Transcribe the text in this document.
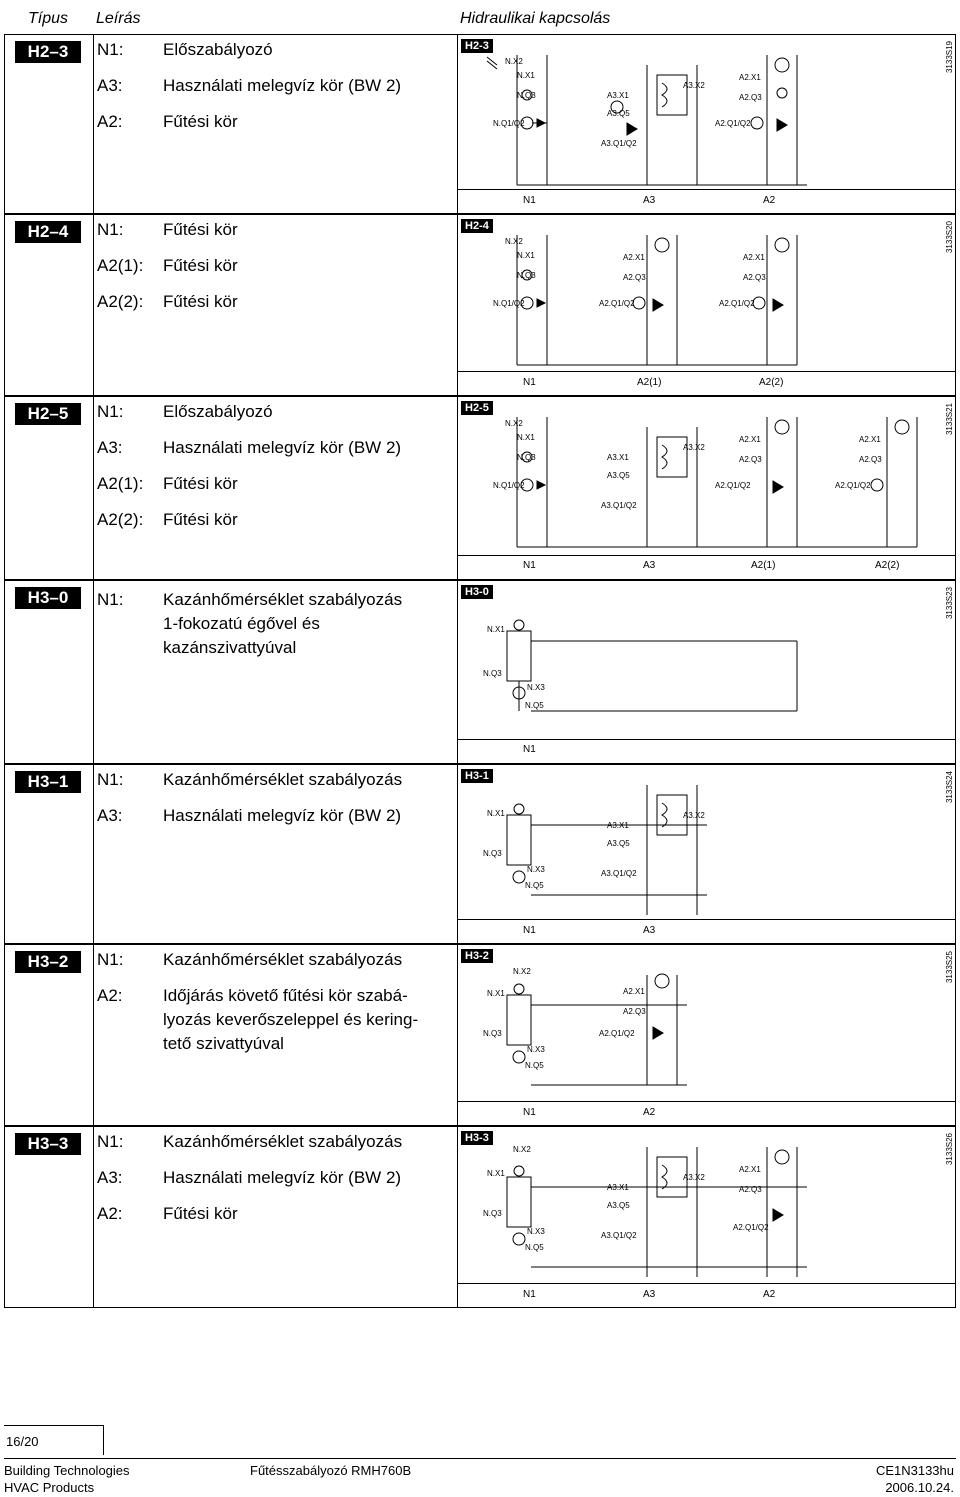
Típus Leírás	Hidraulikai kapcsolás
H2–3	N1: Előszabályozó
A3: Használati melegvíz kör (BW 2)
A2: Fűtési kör
H2-3	3133S19
N.X2
N.X1
N.Q3
N.Q1/Q2
A3.X1
A3.Q5
A3.Q1/Q2
A3.X2
A2.X1
A2.Q3
A2.Q1/Q2
N1	A3	A2
H2–4	N1: Fűtési kör
A2(1): Fűtési kör
A2(2): Fűtési kör
H2-4	3133S20
N.X2
N.X1
N.Q3
N.Q1/Q2
A2.X1
A2.Q3
A2.Q1/Q2
A2.X1
A2.Q3
A2.Q1/Q2
N1	A2(1)	A2(2)
H2–5	N1: Előszabályozó
A3: Használati melegvíz kör (BW 2)
A2(1): Fűtési kör
A2(2): Fűtési kör
H2-5	3133S21
N.X2
N.X1
N.Q3
N.Q1/Q2
A3.X1
A3.Q5
A3.Q1/Q2
A3.X2
A2.X1
A2.Q3
A2.Q1/Q2
A2.X1
A2.Q3
A2.Q1/Q2
N1	A3	A2(1)	A2(2)
H3–0	N1: Kazánhőmérséklet szabályozás
1-fokozatú égővel és
kazánszivattyúval
H3-0	3133S23
N.X1
N.Q3
N.X3
N.Q5
N1
H3–1	N1: Kazánhőmérséklet szabályozás
A3: Használati melegvíz kör (BW 2)
H3-1	3133S24
N.X1
N.Q3
N.X3
N.Q5
A3.X1
A3.Q5
A3.Q1/Q2
A3.X2
N1	A3
H3–2	N1: Kazánhőmérséklet szabályozás
A2: Időjárás követő fűtési kör szabá-
lyozás keverőszeleppel és kering-
tető szivattyúval
H3-2	3133S25
N.X2
N.X1
N.Q3
N.X3
N.Q5
A2.X1
A2.Q3
A2.Q1/Q2
N1	A2
H3–3	N1: Kazánhőmérséklet szabályozás
A3: Használati melegvíz kör (BW 2)
A2: Fűtési kör
H3-3	3133S26
N.X2
N.X1
N.Q3
N.X3
N.Q5
A3.X1
A3.Q5
A3.Q1/Q2
A3.X2
A2.X1
A2.Q3
A2.Q1/Q2
N1	A3	A2
16/20
Building Technologies
HVAC Products
Fűtésszabályozó RMH760B	CE1N3133hu
2006.10.24.
